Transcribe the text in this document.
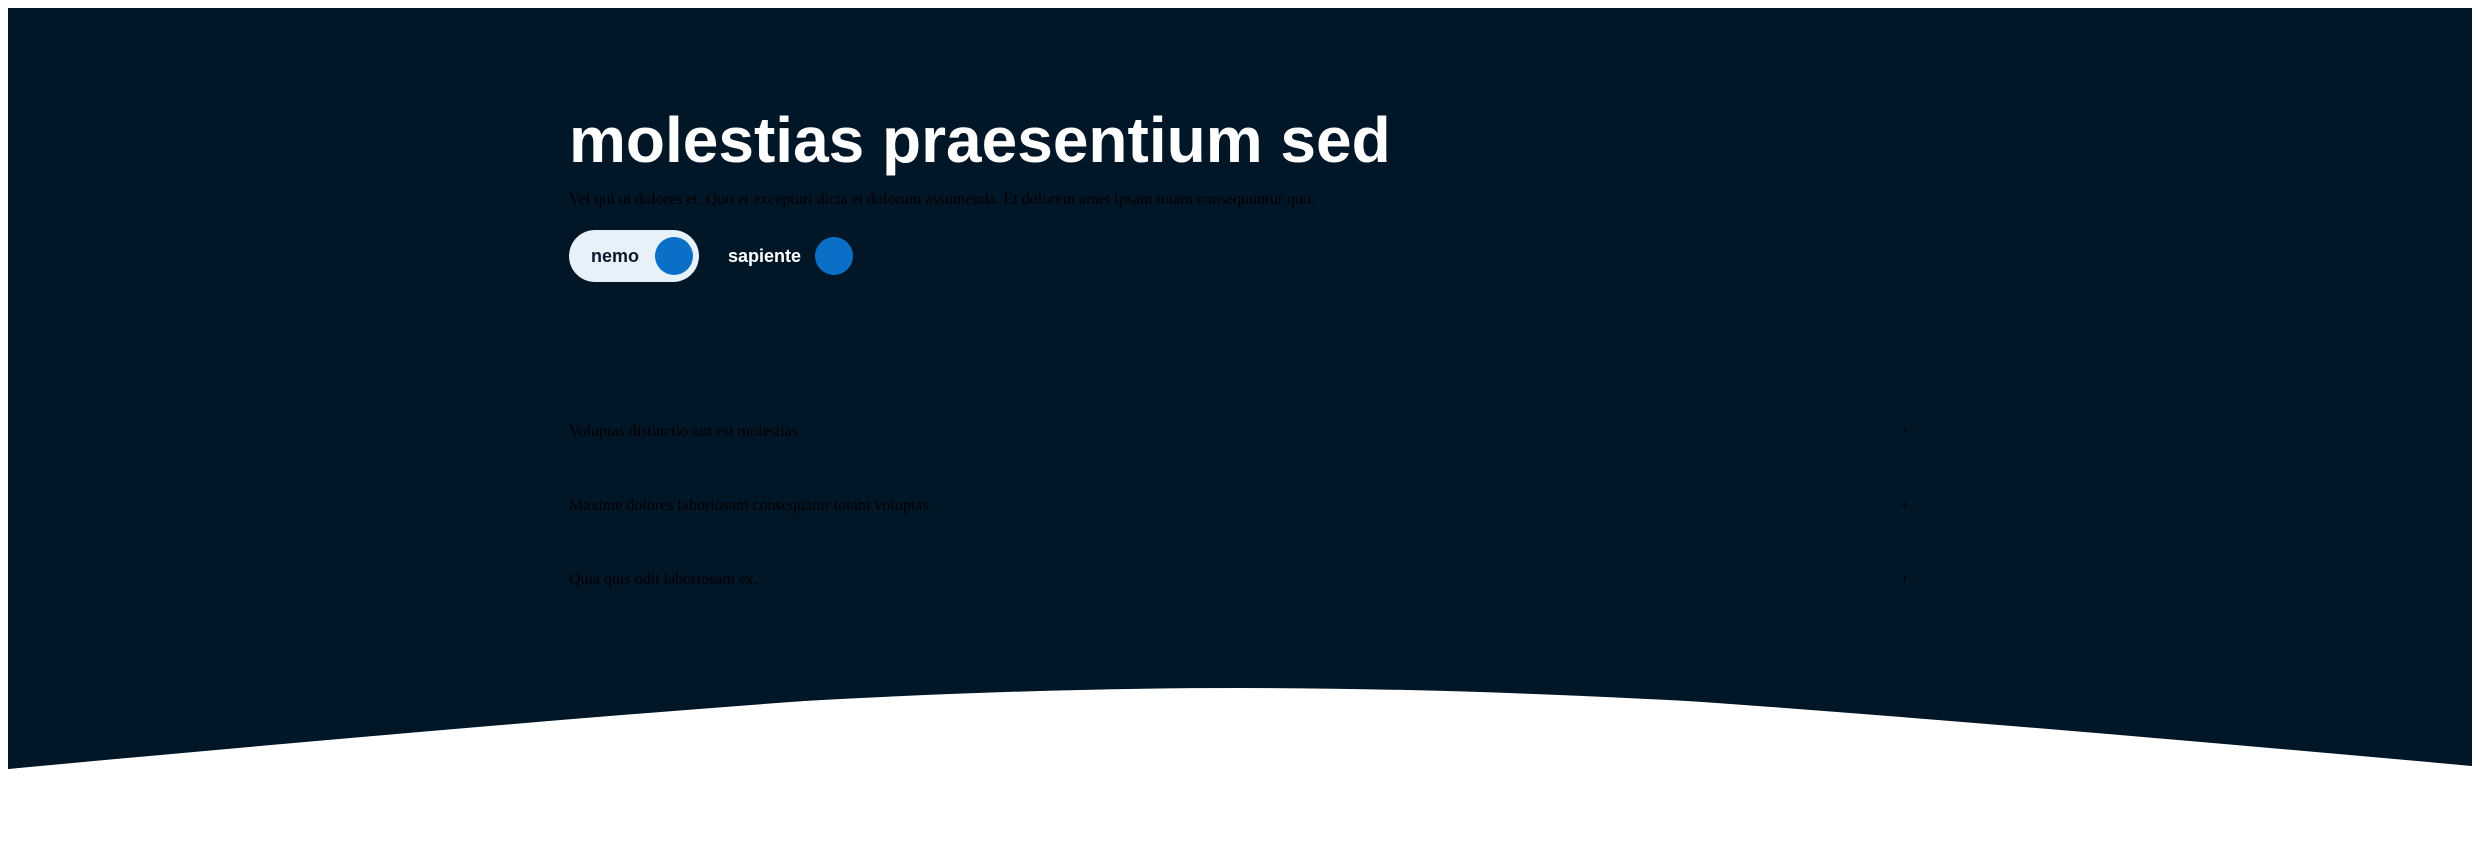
molestias praesentium sed
Vel qui ut dolores et. Quo et excepturi dicta et dolorum assumenda. Et dolorem amet ipsam totam consequuntur quo.
nemo	sapiente
Voluptas distinctio aut est molestias.	+
Maxime dolores laboriosam consequatur totam voluptas.	+
Quia quis odit laboriosam ex.	+
